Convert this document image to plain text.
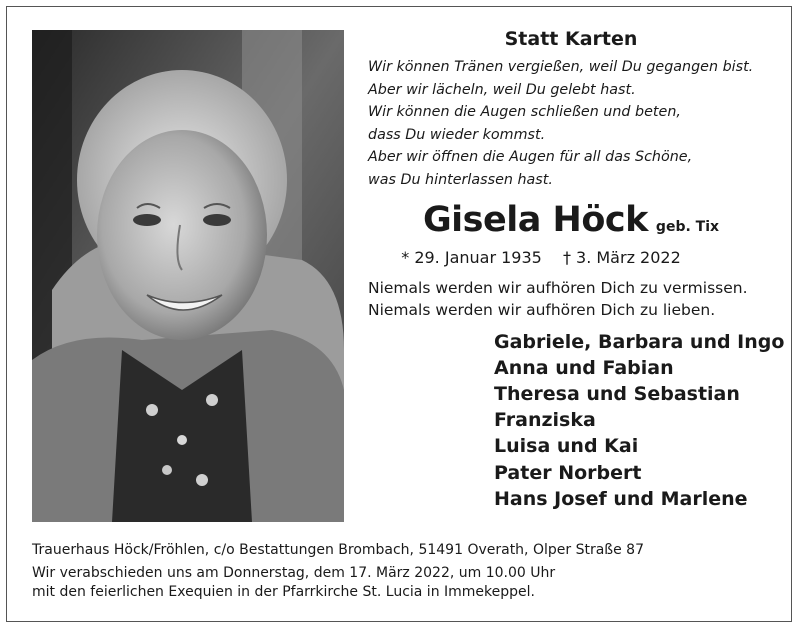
Statt Karten
Wir können Tränen vergießen, weil Du gegangen bist.
Aber wir lächeln, weil Du gelebt hast.
Wir können die Augen schließen und beten,
dass Du wieder kommst.
Aber wir öffnen die Augen für all das Schöne,
was Du hinterlassen hast.
Gisela Höck geb. Tix
* 29. Januar 1935 † 3. März 2022
Niemals werden wir aufhören Dich zu vermissen.
Niemals werden wir aufhören Dich zu lieben.
Gabriele, Barbara und Ingo
Anna und Fabian
Theresa und Sebastian
Franziska
Luisa und Kai
Pater Norbert
Hans Josef und Marlene
Trauerhaus Höck/Fröhlen, c/o Bestattungen Brombach, 51491 Overath, Olper Straße 87
Wir verabschieden uns am Donnerstag, dem 17. März 2022, um 10.00 Uhr
mit den feierlichen Exequien in der Pfarrkirche St. Lucia in Immekeppel.
